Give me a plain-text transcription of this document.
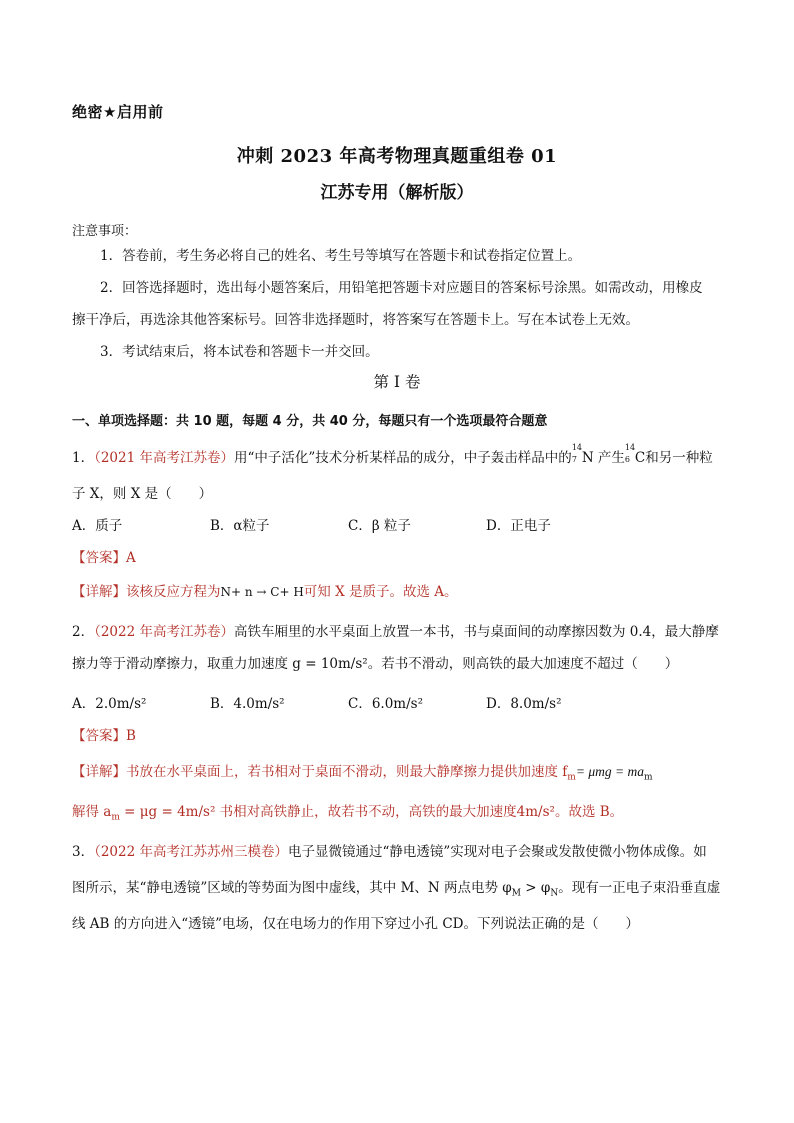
绝密★启用前
冲刺 2023 年高考物理真题重组卷 01
江苏专用（解析版）
注意事项：
1．答卷前，考生务必将自己的姓名、考生号等填写在答题卡和试卷指定位置上。
2．回答选择题时，选出每小题答案后，用铅笔把答题卡对应题目的答案标号涂黑。如需改动，用橡皮
擦干净后，再选涂其他答案标号。回答非选择题时，将答案写在答题卡上。写在本试卷上无效。
3．考试结束后，将本试卷和答题卡一并交回。
第 I 卷
一、单项选择题：共 10 题，每题 4 分，共 40 分，每题只有一个选项最符合题意
1．（2021 年高考江苏卷）用“中子活化”技术分析某样品的成分，中子轰击样品中的
14
7 N 产生
14
6 C和另一种粒
子 X，则 X 是（　　）
A．质子	B．α粒子	C．β 粒子	D．正电子
【答案】A
【详解】该核反应方程为N+ n → C+ H可知 X 是质子。故选 A。
2．（2022 年高考江苏卷）高铁车厢里的水平桌面上放置一本书，书与桌面间的动摩擦因数为 0.4，最大静摩
擦力等于滑动摩擦力，取重力加速度 g = 10m/s²。若书不滑动，则高铁的最大加速度不超过（　　）
A．2.0m/s²	B．4.0m/s²	C．6.0m/s²	D．8.0m/s²
【答案】B
【详解】书放在水平桌面上，若书相对于桌面不滑动，则最大静摩擦力提供加速度 $f_m= \mu mg = ma_m$
解得 $a_m = \mu g = 4m/s^2$ 书相对高铁静止，故若书不动，高铁的最大加速度4m/s²。故选 B。
3．（2022 年高考江苏苏州三模卷）电子显微镜通过“静电透镜”实现对电子会聚或发散使微小物体成像。如
图所示，某“静电透镜”区域的等势面为图中虚线，其中 M、N 两点电势 $\varphi_M > \varphi_N$。现有一正电子束沿垂直虚
线 AB 的方向进入“透镜”电场，仅在电场力的作用下穿过小孔 CD。下列说法正确的是（　　）
